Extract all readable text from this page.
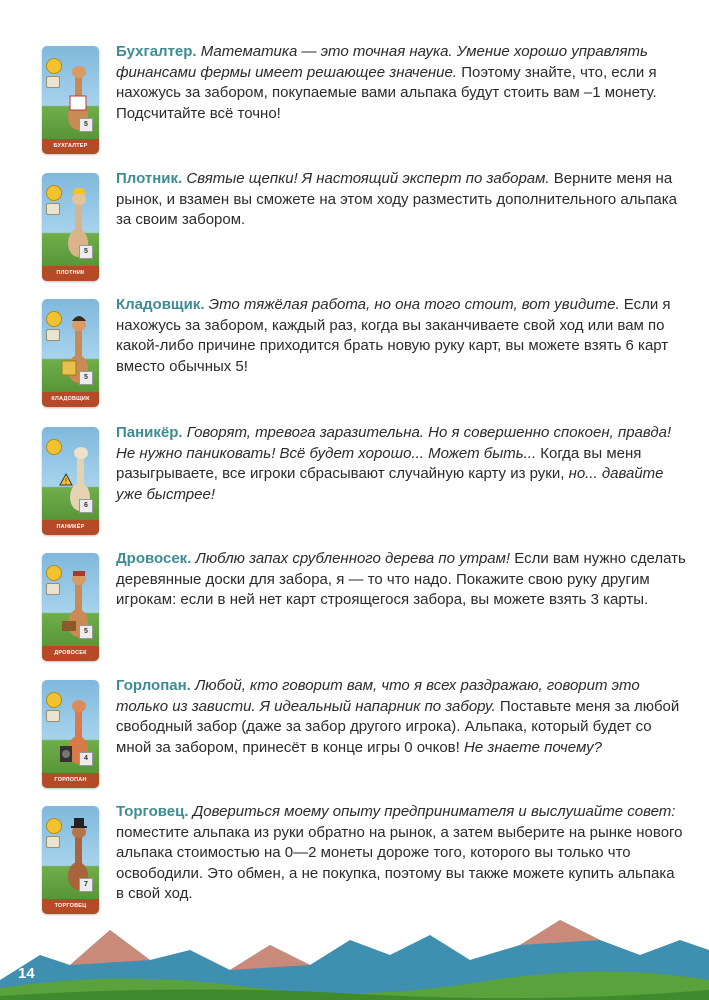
5
БУХГАЛТЕР
Бухгалтер. Математика — это точная наука. Умение хорошо управлять финансами фермы имеет решающее значение. Поэтому знайте, что, если я нахожусь за забором, покупаемые вами альпака будут стоить вам –1 монету. Подсчитайте всё точно!
5
ПЛОТНИК
Плотник. Святые щепки! Я настоящий эксперт по заборам. Верните меня на рынок, и взамен вы сможете на этом ходу разместить дополнительного альпака за своим забором.
5
КЛАДОВЩИК
Кладовщик. Это тяжёлая работа, но она того стоит, вот увидите. Если я нахожусь за забором, каждый раз, когда вы заканчиваете свой ход или вам по какой-либо причине приходится брать новую руку карт, вы можете взять 6 карт вместо обычных 5!
!
6
ПАНИКЁР
Паникёр. Говорят, тревога заразительна. Но я совершенно спокоен, правда! Не нужно паниковать! Всё будет хорошо... Может быть... Когда вы меня разыгрываете, все игроки сбрасывают случайную карту из руки, но... давайте уже быстрее!
5
ДРОВОСЕК
Дровосек. Люблю запах срубленного дерева по утрам! Если вам нужно сделать деревянные доски для забора, я — то что надо. Покажите свою руку другим игрокам: если в ней нет карт строящегося забора, вы можете взять 3 карты.
4
ГОРЛОПАН
Горлопан. Любой, кто говорит вам, что я всех раздражаю, говорит это только из зависти. Я идеальный напарник по забору. Поставьте меня за любой свободный забор (даже за забор другого игрока). Альпака, который будет со мной за забором, принесёт в конце игры 0 очков! Не знаете почему?
7
ТОРГОВЕЦ
Торговец. Довериться моему опыту предпринимателя и выслушайте совет: поместите альпака из руки обратно на рынок, а затем выберите на рынке нового альпака стоимостью на 0—2 монеты дороже того, которого вы только что освободили. Это обмен, а не покупка, поэтому вы также можете купить альпака в свой ход.
14
